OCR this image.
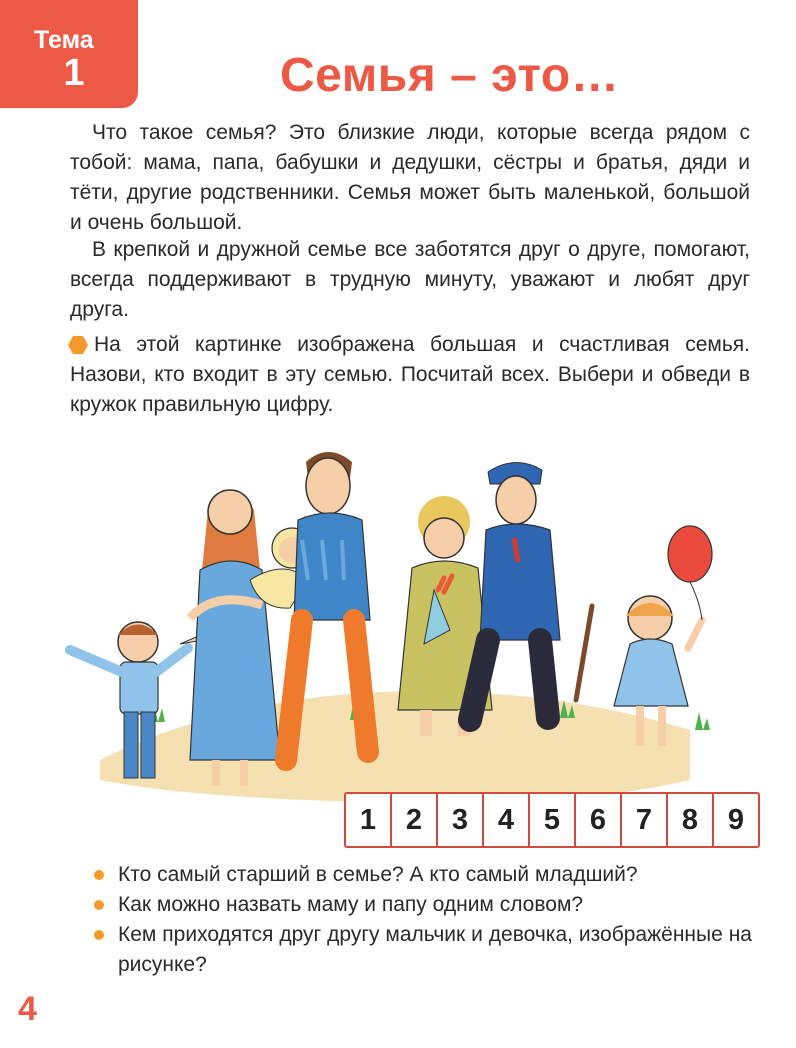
Тема
1	Семья – это…

Что такое семья? Это близкие люди, которые всегда рядом с тобой: мама, папа, бабушки и дедушки, сёстры и братья, дяди и тёти, другие родственники. Семья может быть маленькой, большой и очень большой.

В крепкой и дружной семье все заботятся друг о друге, помогают, всегда поддерживают в трудную минуту, уважают и любят друг друга.

На этой картинке изображена большая и счастливая семья. Назови, кто входит в эту семью. Посчитай всех. Выбери и обведи в кружок правильную цифру.

1	2	3	4	5	6	7	8	9
Кто самый старший в семье? А кто самый младший?
Как можно назвать маму и папу одним словом?
Кем приходятся друг другу мальчик и девочка, изображённые на рисунке?
4
